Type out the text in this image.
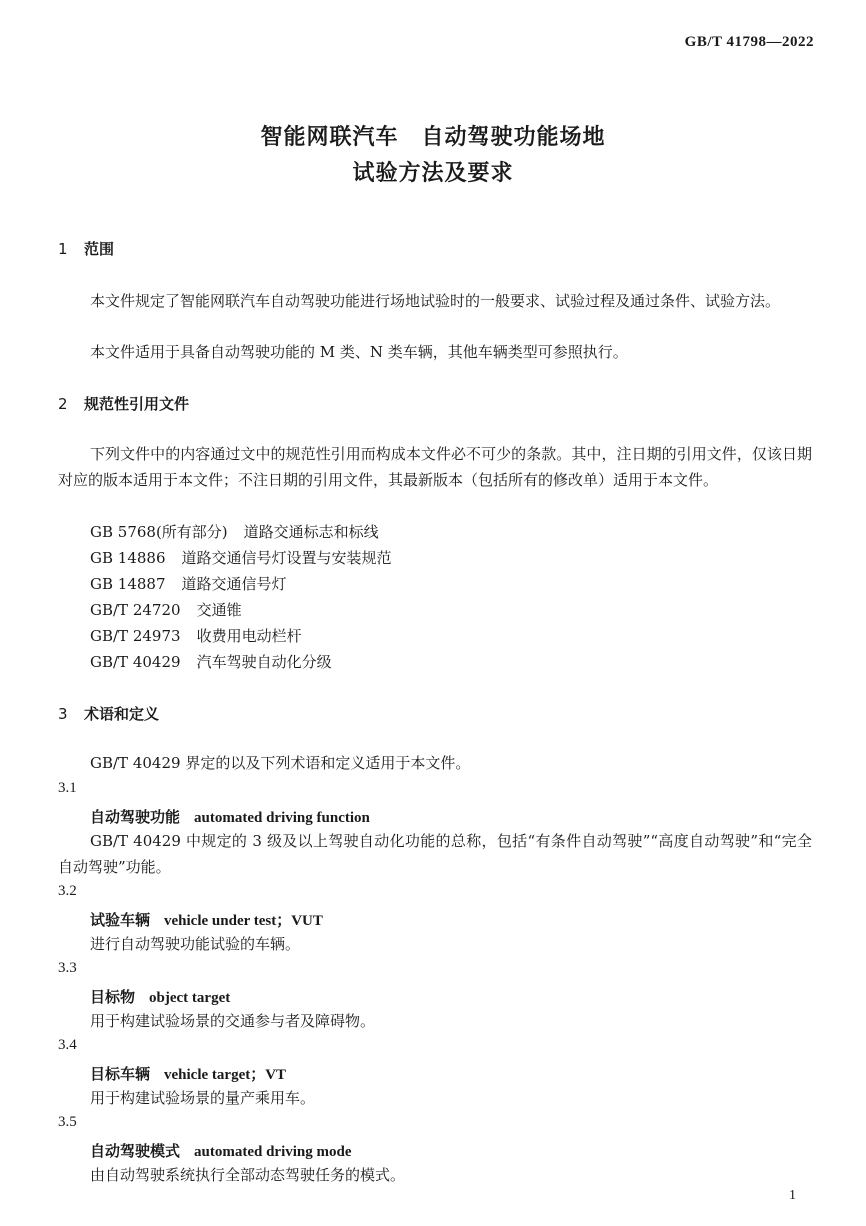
GB/T 41798—2022
智能网联汽车　自动驾驶功能场地
试验方法及要求
1 范围
本文件规定了智能网联汽车自动驾驶功能进行场地试验时的一般要求、试验过程及通过条件、试验方法。
本文件适用于具备自动驾驶功能的 M 类、N 类车辆，其他车辆类型可参照执行。
2 规范性引用文件
下列文件中的内容通过文中的规范性引用而构成本文件必不可少的条款。其中，注日期的引用文件，仅该日期对应的版本适用于本文件；不注日期的引用文件，其最新版本（包括所有的修改单）适用于本文件。
GB 5768(所有部分) 道路交通标志和标线
GB 14886 道路交通信号灯设置与安装规范
GB 14887 道路交通信号灯
GB/T 24720 交通锥
GB/T 24973 收费用电动栏杆
GB/T 40429 汽车驾驶自动化分级
3 术语和定义
GB/T 40429 界定的以及下列术语和定义适用于本文件。
3.1
自动驾驶功能 automated driving function
GB/T 40429 中规定的 3 级及以上驾驶自动化功能的总称，包括“有条件自动驾驶”“高度自动驾驶”和“完全自动驾驶”功能。
3.2
试验车辆 vehicle under test；VUT
进行自动驾驶功能试验的车辆。
3.3
目标物 object target
用于构建试验场景的交通参与者及障碍物。
3.4
目标车辆 vehicle target；VT
用于构建试验场景的量产乘用车。
3.5
自动驾驶模式 automated driving mode
由自动驾驶系统执行全部动态驾驶任务的模式。
1
